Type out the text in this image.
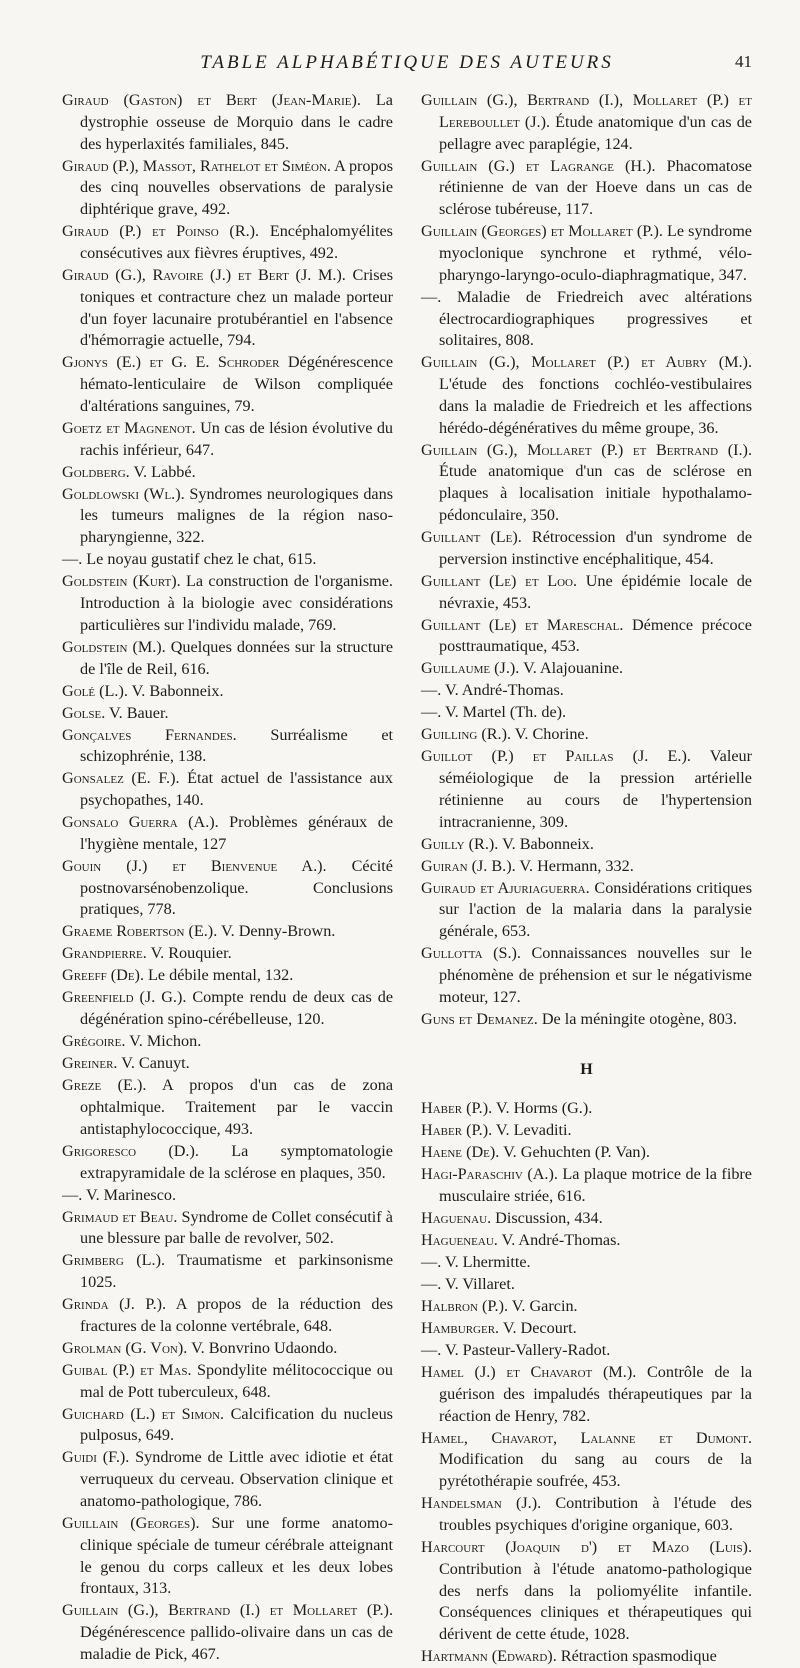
TABLE ALPHABÉTIQUE DES AUTEURS	41

Giraud (Gaston) et Bert (Jean-Marie). La dystrophie osseuse de Morquio dans le cadre des hyperlaxités familiales, 845.

Giraud (P.), Massot, Rathelot et Siméon. A propos des cinq nouvelles observations de paralysie diphtérique grave, 492.

Giraud (P.) et Poinso (R.). Encéphalomyélites consécutives aux fièvres éruptives, 492.

Giraud (G.), Ravoire (J.) et Bert (J. M.). Crises toniques et contracture chez un malade porteur d'un foyer lacunaire protubérantiel en l'absence d'hémorragie actuelle, 794.

Gjonys (E.) et G. E. Schroder Dégénérescence hémato-lenticulaire de Wilson compliquée d'altérations sanguines, 79.

Goetz et Magnenot. Un cas de lésion évolutive du rachis inférieur, 647.

Goldberg. V. Labbé.

Goldlowski (Wl.). Syndromes neurologiques dans les tumeurs malignes de la région naso-pharyngienne, 322.

—. Le noyau gustatif chez le chat, 615.

Goldstein (Kurt). La construction de l'organisme. Introduction à la biologie avec considérations particulières sur l'individu malade, 769.

Goldstein (M.). Quelques données sur la structure de l'île de Reil, 616.

Golé (L.). V. Babonneix.

Golse. V. Bauer.

Gonçalves Fernandes. Surréalisme et schizophrénie, 138.

Gonsalez (E. F.). État actuel de l'assistance aux psychopathes, 140.

Gonsalo Guerra (A.). Problèmes généraux de l'hygiène mentale, 127

Gouin (J.) et Bienvenue A.). Cécité postnovarsénobenzolique. Conclusions pratiques, 778.

Graeme Robertson (E.). V. Denny-Brown.

Grandpierre. V. Rouquier.

Greeff (De). Le débile mental, 132.

Greenfield (J. G.). Compte rendu de deux cas de dégénération spino-cérébelleuse, 120.

Grégoire. V. Michon.

Greiner. V. Canuyt.

Greze (E.). A propos d'un cas de zona ophtalmique. Traitement par le vaccin antistaphylococcique, 493.

Grigoresco (D.). La symptomatologie extrapyramidale de la sclérose en plaques, 350.

—. V. Marinesco.

Grimaud et Beau. Syndrome de Collet consécutif à une blessure par balle de revolver, 502.

Grimberg (L.). Traumatisme et parkinsonisme 1025.

Grinda (J. P.). A propos de la réduction des fractures de la colonne vertébrale, 648.

Grolman (G. Von). V. Bonvrino Udaondo.

Guibal (P.) et Mas. Spondylite mélitococcique ou mal de Pott tuberculeux, 648.

Guichard (L.) et Simon. Calcification du nucleus pulposus, 649.

Guidi (F.). Syndrome de Little avec idiotie et état verruqueux du cerveau. Observation clinique et anatomo-pathologique, 786.

Guillain (Georges). Sur une forme anatomo-clinique spéciale de tumeur cérébrale atteignant le genou du corps calleux et les deux lobes frontaux, 313.

Guillain (G.), Bertrand (I.) et Mollaret (P.). Dégénérescence pallido-olivaire dans un cas de maladie de Pick, 467.

Guillain (G.), Bertrand (I.), Mollaret (P.) et Lereboullet (J.). Étude anatomique d'un cas de pellagre avec paraplégie, 124.

Guillain (G.) et Lagrange (H.). Phacomatose rétinienne de van der Hoeve dans un cas de sclérose tubéreuse, 117.

Guillain (Georges) et Mollaret (P.). Le syndrome myoclonique synchrone et rythmé, vélo-pharyngo-laryngo-oculo-diaphragmatique, 347.

—. Maladie de Friedreich avec altérations électrocardiographiques progressives et solitaires, 808.

Guillain (G.), Mollaret (P.) et Aubry (M.). L'étude des fonctions cochléo-vestibulaires dans la maladie de Friedreich et les affections hérédo-dégénératives du même groupe, 36.

Guillain (G.), Mollaret (P.) et Bertrand (I.). Étude anatomique d'un cas de sclérose en plaques à localisation initiale hypothalamo-pédonculaire, 350.

Guillant (Le). Rétrocession d'un syndrome de perversion instinctive encéphalitique, 454.

Guillant (Le) et Loo. Une épidémie locale de névraxie, 453.

Guillant (Le) et Mareschal. Démence précoce posttraumatique, 453.

Guillaume (J.). V. Alajouanine.

—. V. André-Thomas.

—. V. Martel (Th. de).

Guilling (R.). V. Chorine.

Guillot (P.) et Paillas (J. E.). Valeur séméiologique de la pression artérielle rétinienne au cours de l'hypertension intracranienne, 309.

Guilly (R.). V. Babonneix.

Guiran (J. B.). V. Hermann, 332.

Guiraud et Ajuriaguerra. Considérations critiques sur l'action de la malaria dans la paralysie générale, 653.

Gullotta (S.). Connaissances nouvelles sur le phénomène de préhension et sur le négativisme moteur, 127.

Guns et Demanez. De la méningite otogène, 803.

H

Haber (P.). V. Horms (G.).

Haber (P.). V. Levaditi.

Haene (De). V. Gehuchten (P. Van).

Hagi-Paraschiv (A.). La plaque motrice de la fibre musculaire striée, 616.

Haguenau. Discussion, 434.

Hagueneau. V. André-Thomas.

—. V. Lhermitte.

—. V. Villaret.

Halbron (P.). V. Garcin.

Hamburger. V. Decourt.

—. V. Pasteur-Vallery-Radot.

Hamel (J.) et Chavarot (M.). Contrôle de la guérison des impaludés thérapeutiques par la réaction de Henry, 782.

Hamel, Chavarot, Lalanne et Dumont. Modification du sang au cours de la pyrétothérapie soufrée, 453.

Handelsman (J.). Contribution à l'étude des troubles psychiques d'origine organique, 603.

Harcourt (Joaquin d') et Mazo (Luis). Contribution à l'étude anatomo-pathologique des nerfs dans la poliomyélite infantile. Conséquences cliniques et thérapeutiques qui dérivent de cette étude, 1028.

Hartmann (Edward). Rétraction spasmodique
